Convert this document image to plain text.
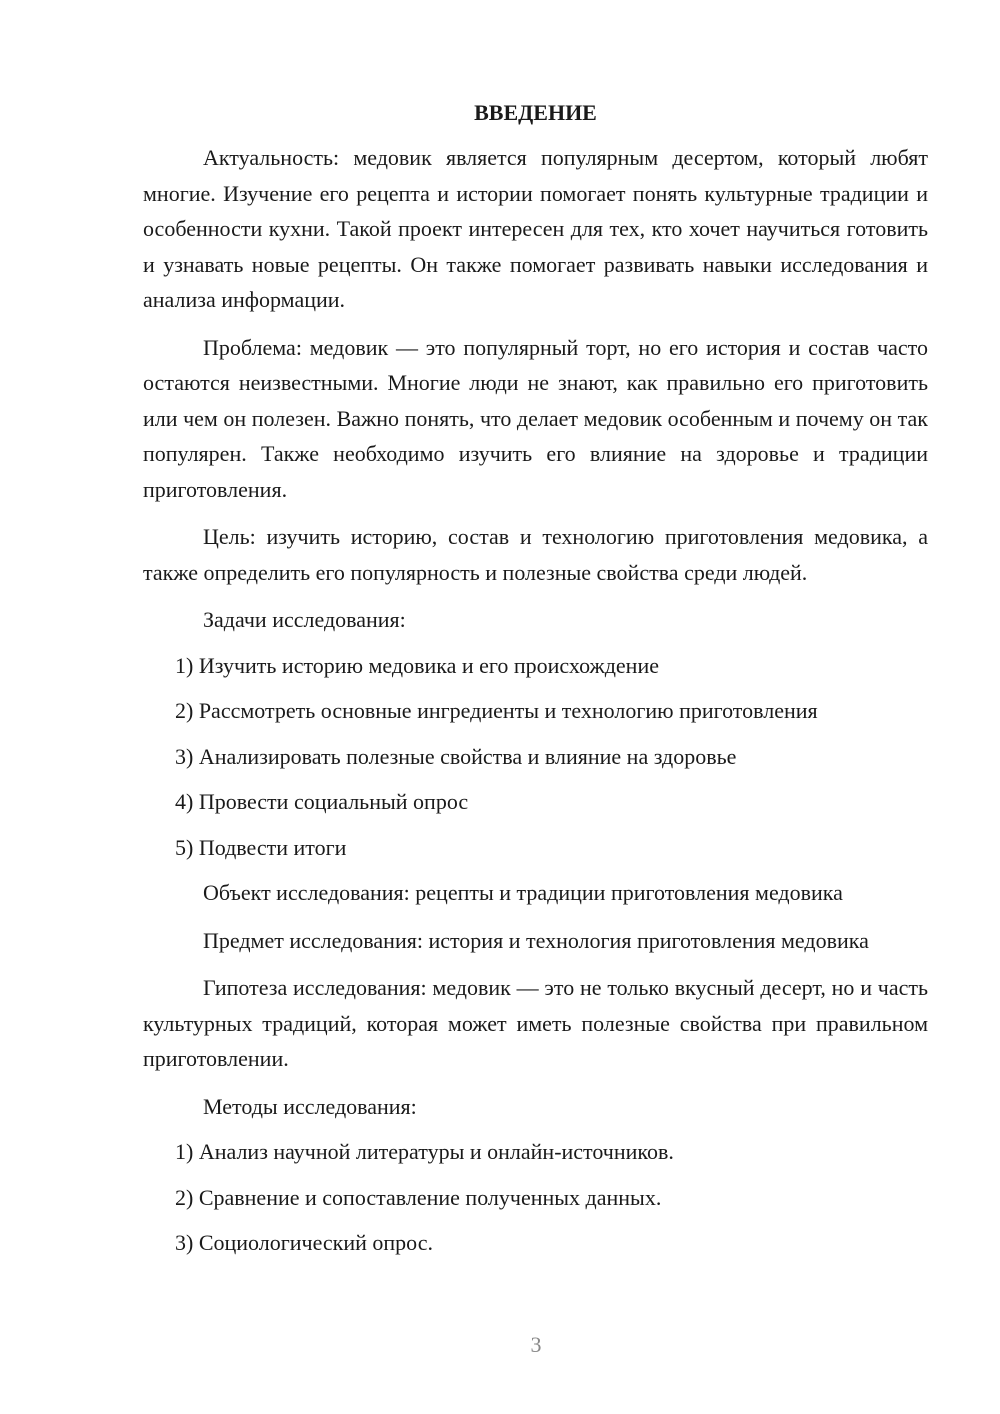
ВВЕДЕНИЕ

Актуальность: медовик является популярным десертом, который любят многие. Изучение его рецепта и истории помогает понять культурные традиции и особенности кухни. Такой проект интересен для тех, кто хочет научиться готовить и узнавать новые рецепты. Он также помогает развивать навыки исследования и анализа информации.

Проблема: медовик — это популярный торт, но его история и состав часто остаются неизвестными. Многие люди не знают, как правильно его приготовить или чем он полезен. Важно понять, что делает медовик особенным и почему он так популярен. Также необходимо изучить его влияние на здоровье и традиции приготовления.

Цель: изучить историю, состав и технологию приготовления медовика, а также определить его популярность и полезные свойства среди людей.

Задачи исследования:

1) Изучить историю медовика и его происхождение
2) Рассмотреть основные ингредиенты и технологию приготовления
3) Анализировать полезные свойства и влияние на здоровье
4) Провести социальный опрос
5) Подвести итоги

Объект исследования: рецепты и традиции приготовления медовика

Предмет исследования: история и технология приготовления медовика

Гипотеза исследования: медовик — это не только вкусный десерт, но и часть культурных традиций, которая может иметь полезные свойства при правильном приготовлении.

Методы исследования:

1) Анализ научной литературы и онлайн-источников.
2) Сравнение и сопоставление полученных данных.
3) Социологический опрос.
3
